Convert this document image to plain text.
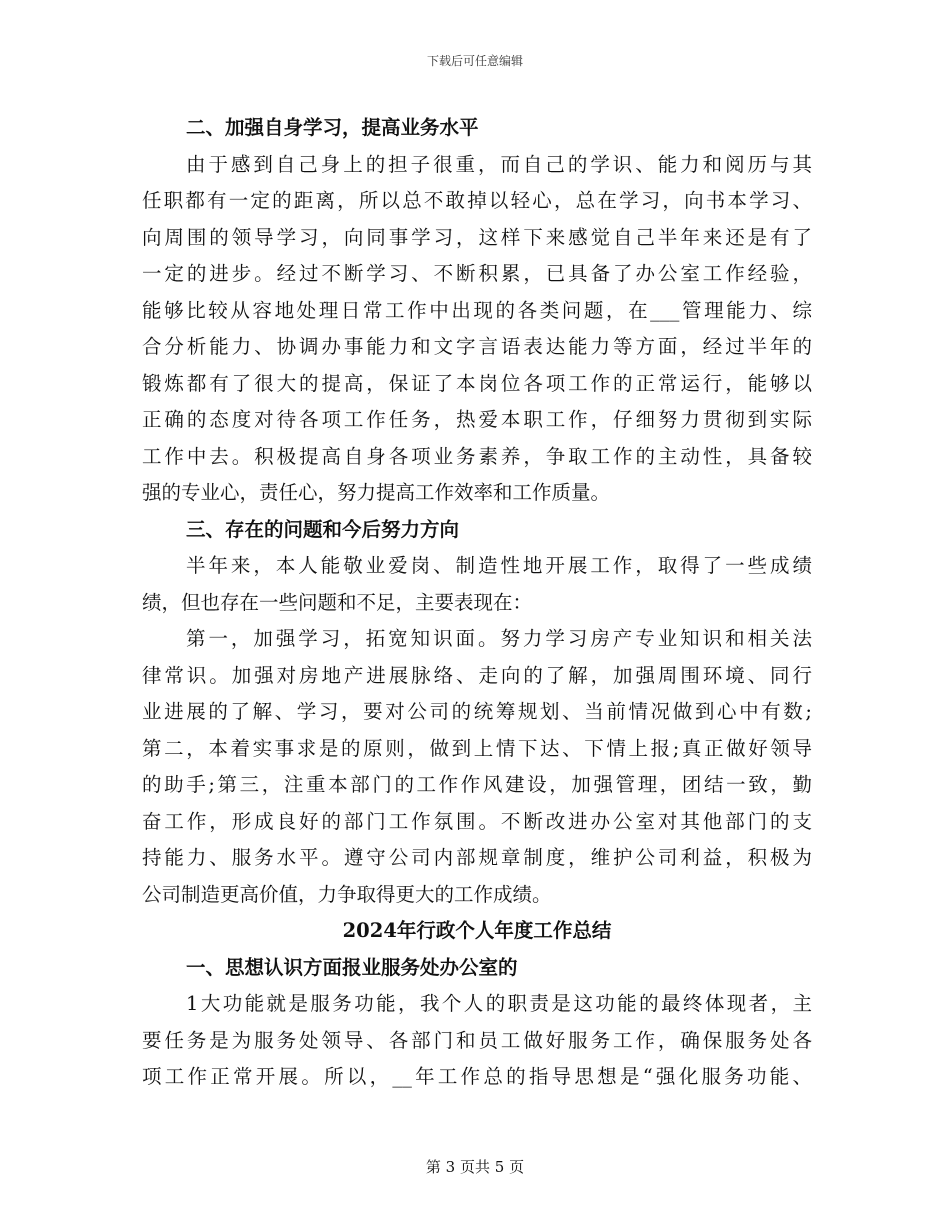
下载后可任意编辑
二、加强自身学习，提高业务水平
由于感到自己身上的担子很重，而自己的学识、能力和阅历与其
任职都有一定的距离，所以总不敢掉以轻心，总在学习，向书本学习、
向周围的领导学习，向同事学习，这样下来感觉自己半年来还是有了
一定的进步。经过不断学习、不断积累，已具备了办公室工作经验，
能够比较从容地处理日常工作中出现的各类问题，在___管理能力、综
合分析能力、协调办事能力和文字言语表达能力等方面，经过半年的
锻炼都有了很大的提高，保证了本岗位各项工作的正常运行，能够以
正确的态度对待各项工作任务，热爱本职工作，仔细努力贯彻到实际
工作中去。积极提高自身各项业务素养，争取工作的主动性，具备较
强的专业心，责任心，努力提高工作效率和工作质量。
三、存在的问题和今后努力方向
半年来，本人能敬业爱岗、制造性地开展工作，取得了一些成绩
绩，但也存在一些问题和不足，主要表现在：
第一，加强学习，拓宽知识面。努力学习房产专业知识和相关法
律常识。加强对房地产进展脉络、走向的了解，加强周围环境、同行
业进展的了解、学习，要对公司的统筹规划、当前情况做到心中有数;
第二，本着实事求是的原则，做到上情下达、下情上报;真正做好领导
的助手;第三，注重本部门的工作作风建设，加强管理，团结一致，勤
奋工作，形成良好的部门工作氛围。不断改进办公室对其他部门的支
持能力、服务水平。遵守公司内部规章制度，维护公司利益，积极为
公司制造更高价值，力争取得更大的工作成绩。
2024年行政个人年度工作总结
一、思想认识方面报业服务处办公室的
1大功能就是服务功能，我个人的职责是这功能的最终体现者，主
要任务是为服务处领导、各部门和员工做好服务工作，确保服务处各
项工作正常开展。所以，__年工作总的指导思想是“强化服务功能、
第 3 页共 5 页
